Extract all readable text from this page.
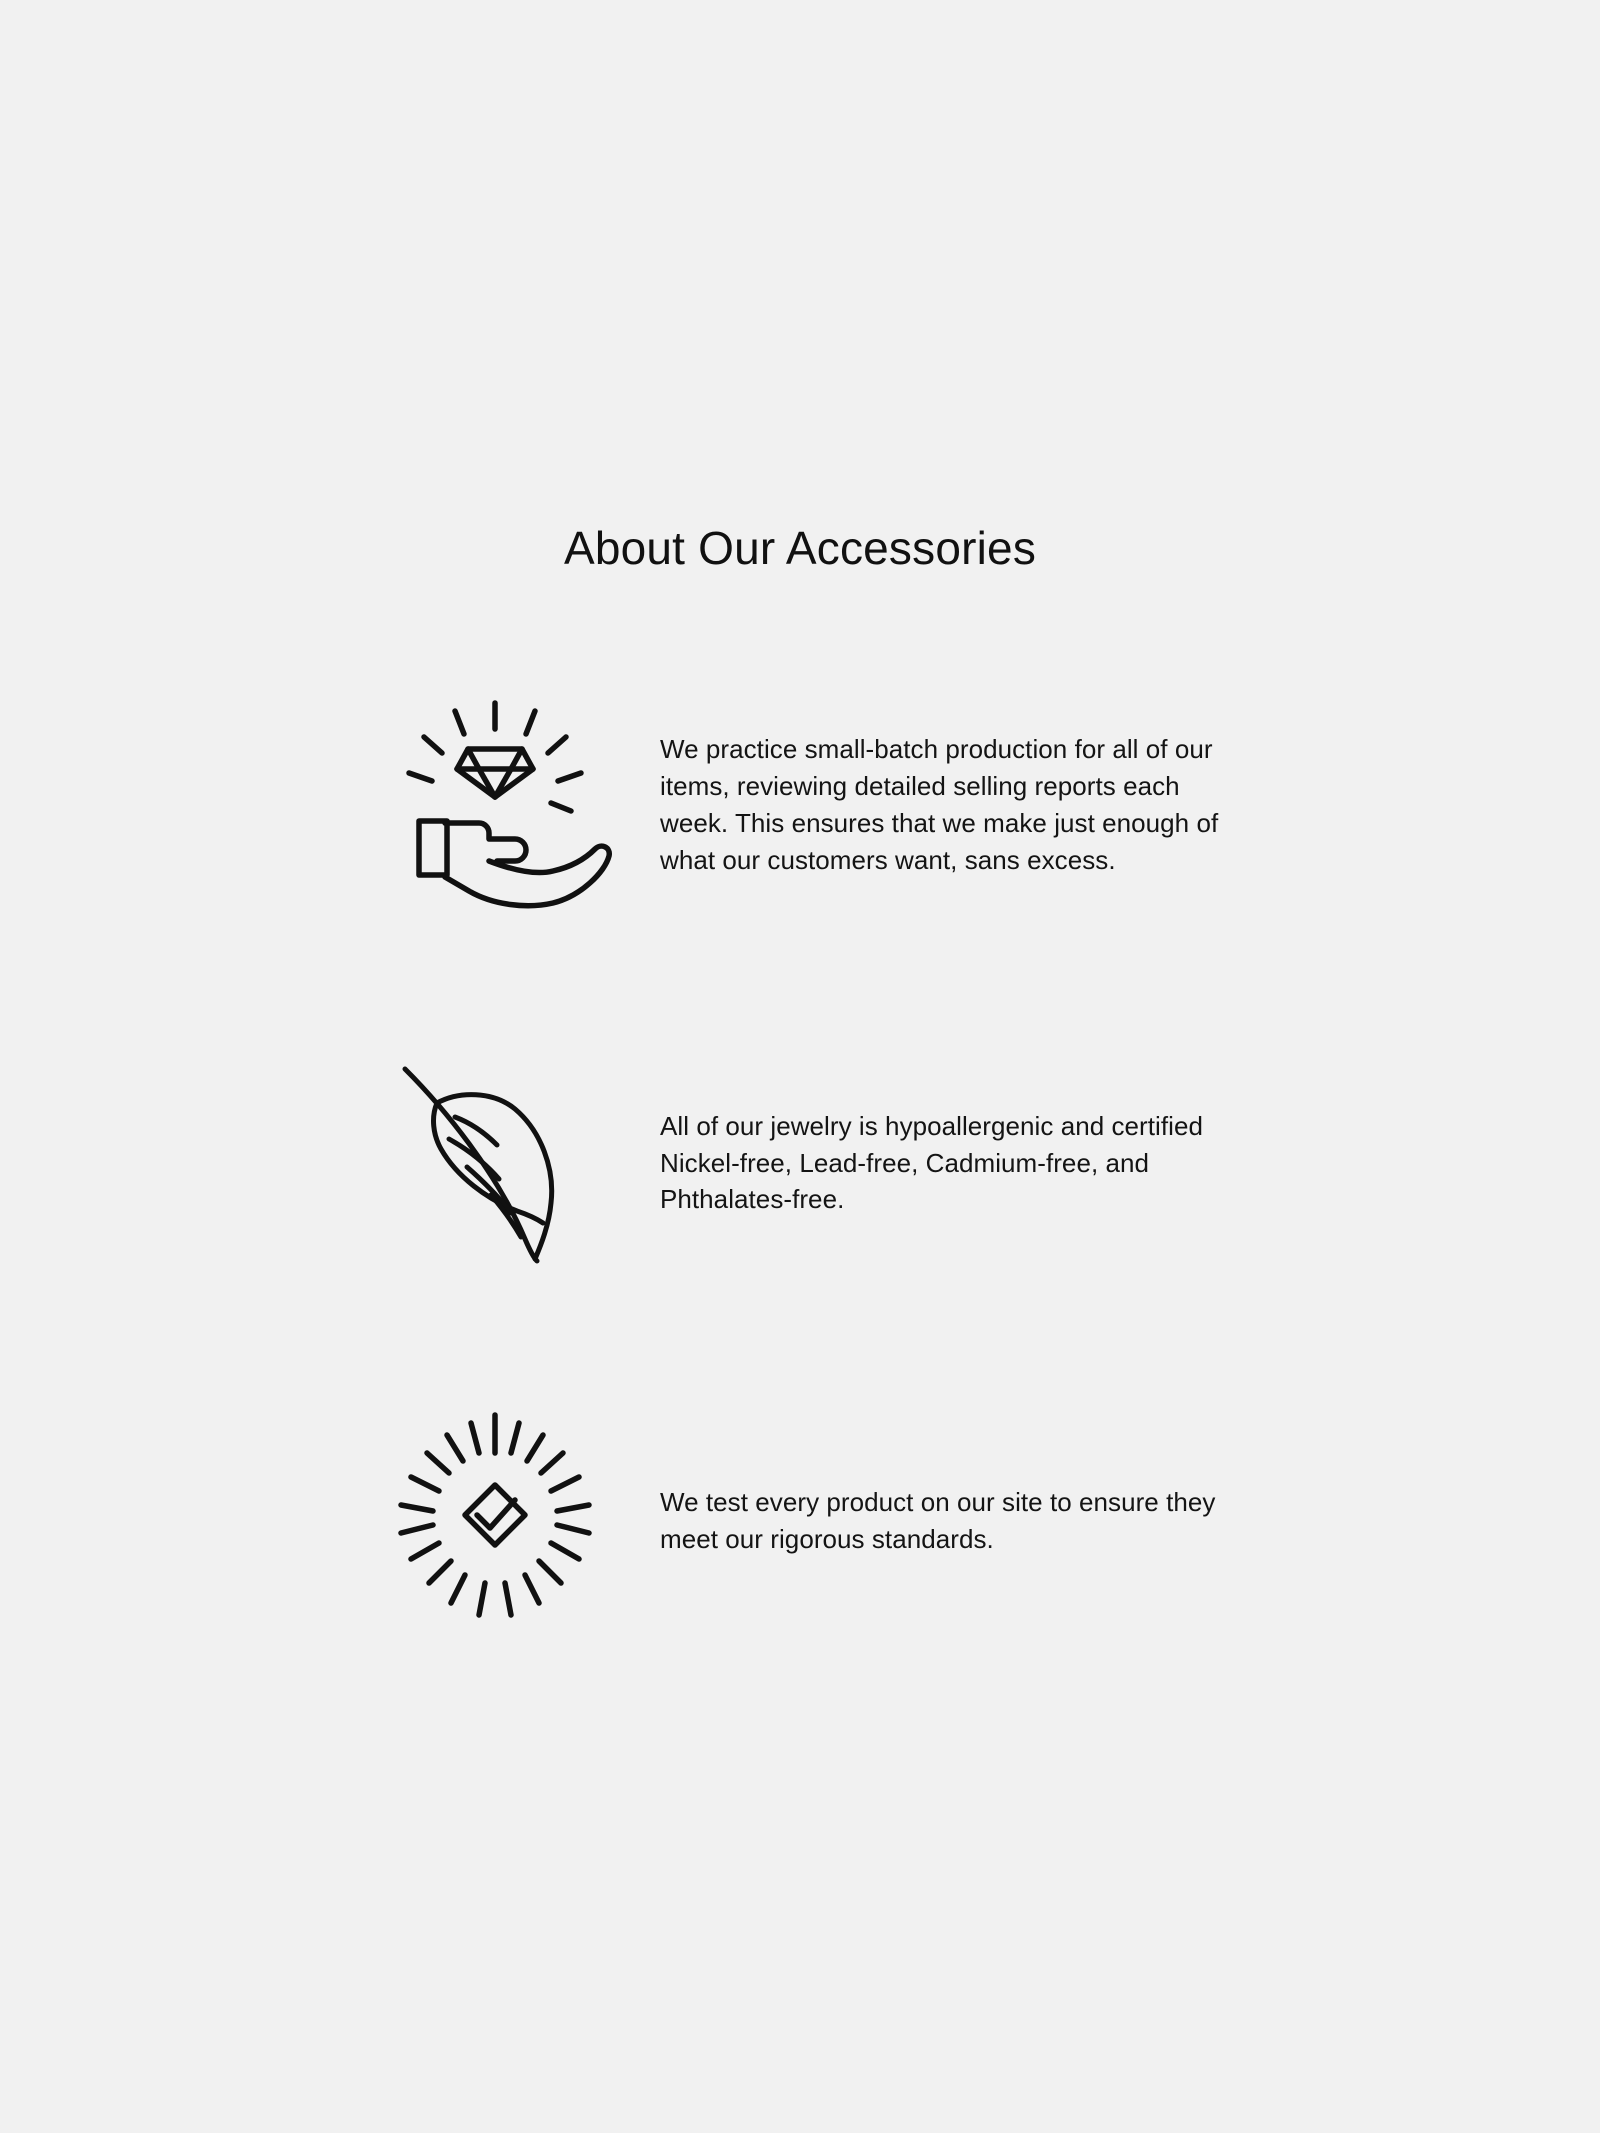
About Our Accessories
We practice small-batch production for all of our items, reviewing detailed selling reports each week. This ensures that we make just enough of what our customers want, sans excess.
All of our jewelry is hypoallergenic and certified Nickel-free, Lead-free, Cadmium-free, and Phthalates-free.
We test every product on our site to ensure they meet our rigorous standards.
